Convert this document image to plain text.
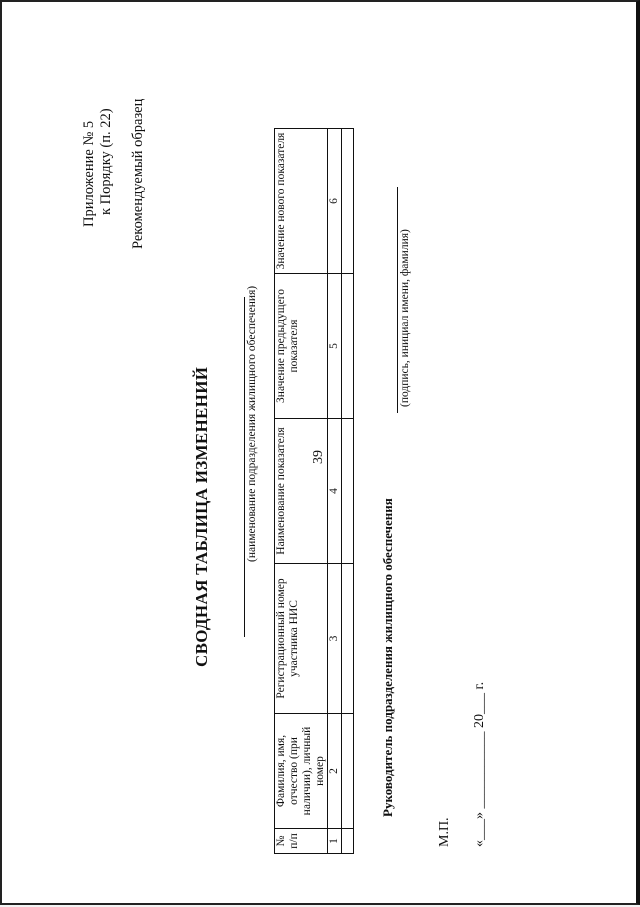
39
Приложение № 5 к Порядку (п. 22) Рекомендуемый образец
СВОДНАЯ ТАБЛИЦА ИЗМЕНЕНИЙ	(наименование подразделения жилищного обеспечения)
№ п/п	Фамилия, имя, отчество (при наличии), личный номер	Регистрационный номер участника НИС	Наименование показателя	Значение предыдущего показателя	Значение нового показателя
1	2	3	4	5	6

Руководитель подразделения жилищного обеспечения
(подпись, инициал имени, фамилия)
М.П. «___» ___________ 20___ г.
